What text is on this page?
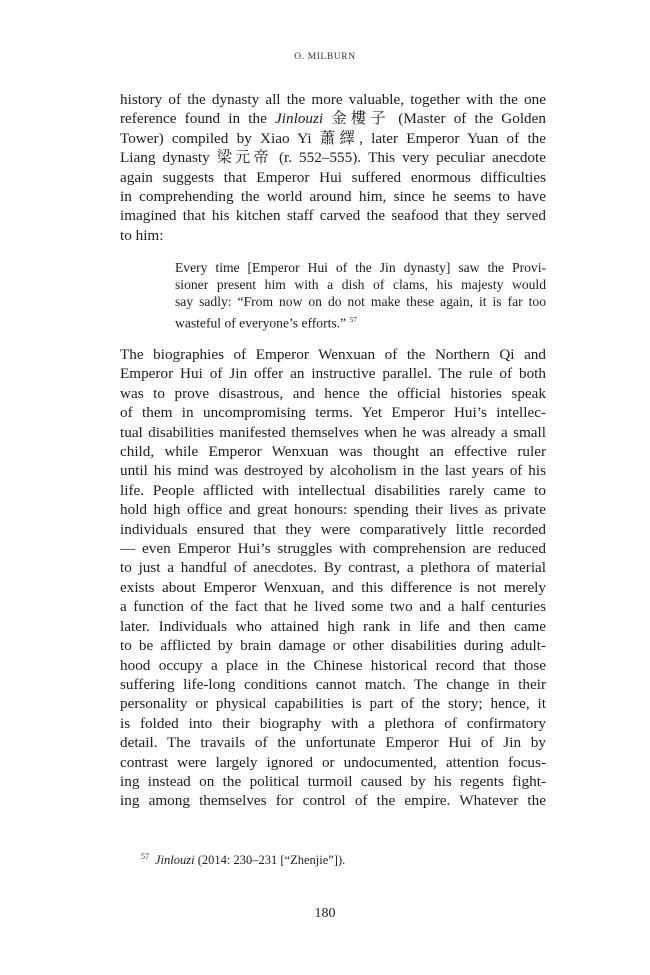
O. MILBURN
history of the dynasty all the more valuable, together with the one
reference found in the Jinlouzi 金樓子 (Master of the Golden
Tower) compiled by Xiao Yi 蕭繹, later Emperor Yuan of the
Liang dynasty 梁元帝 (r. 552–555). This very peculiar anecdote
again suggests that Emperor Hui suffered enormous difficulties
in comprehending the world around him, since he seems to have
imagined that his kitchen staff carved the seafood that they served
to him:
Every time [Emperor Hui of the Jin dynasty] saw the Provi-
sioner present him with a dish of clams, his majesty would
say sadly: “From now on do not make these again, it is far too
wasteful of everyone’s efforts.” $^{57}$
The biographies of Emperor Wenxuan of the Northern Qi and
Emperor Hui of Jin offer an instructive parallel. The rule of both
was to prove disastrous, and hence the official histories speak
of them in uncompromising terms. Yet Emperor Hui’s intellec-
tual disabilities manifested themselves when he was already a small
child, while Emperor Wenxuan was thought an effective ruler
until his mind was destroyed by alcoholism in the last years of his
life. People afflicted with intellectual disabilities rarely came to
hold high office and great honours: spending their lives as private
individuals ensured that they were comparatively little recorded
— even Emperor Hui’s struggles with comprehension are reduced
to just a handful of anecdotes. By contrast, a plethora of material
exists about Emperor Wenxuan, and this difference is not merely
a function of the fact that he lived some two and a half centuries
later. Individuals who attained high rank in life and then came
to be afflicted by brain damage or other disabilities during adult-
hood occupy a place in the Chinese historical record that those
suffering life-long conditions cannot match. The change in their
personality or physical capabilities is part of the story; hence, it
is folded into their biography with a plethora of confirmatory
detail. The travails of the unfortunate Emperor Hui of Jin by
contrast were largely ignored or undocumented, attention focus-
ing instead on the political turmoil caused by his regents fight-
ing among themselves for control of the empire. Whatever the
$^{57}$ Jinlouzi (2014: 230–231 [“Zhenjie”]).
180
